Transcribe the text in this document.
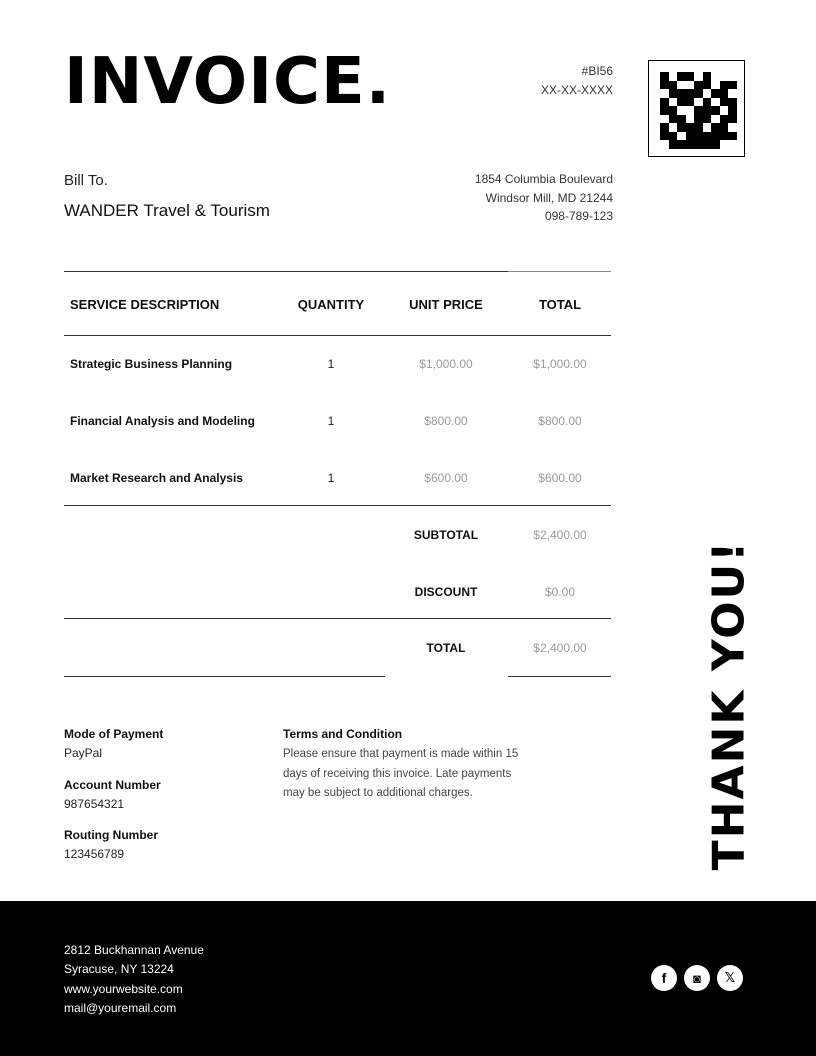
INVOICE.	#BI56
XX-XX-XXXX
Bill To.
WANDER Travel & Tourism
1854 Columbia Boulevard
Windsor Mill, MD 21244
098-789-123
SERVICE DESCRIPTION	QUANTITY	UNIT PRICE	TOTAL
Strategic Business Planning	1	$1,000.00	$1,000.00
Financial Analysis and Modeling	1	$800.00	$800.00
Market Research and Analysis	1	$600.00	$600.00
SUBTOTAL	$2,400.00
DISCOUNT	$0.00
TOTAL	$2,400.00
Mode of Payment
PayPal
Account Number
987654321
Routing Number
123456789
Terms and Condition
Please ensure that payment is made within 15 days of receiving this invoice. Late payments may be subject to additional charges.	THANK YOU!
2812 Buckhannan Avenue
Syracuse, NY 13224
www.yourwebsite.com
mail@youremail.com
f	◙	𝕏
